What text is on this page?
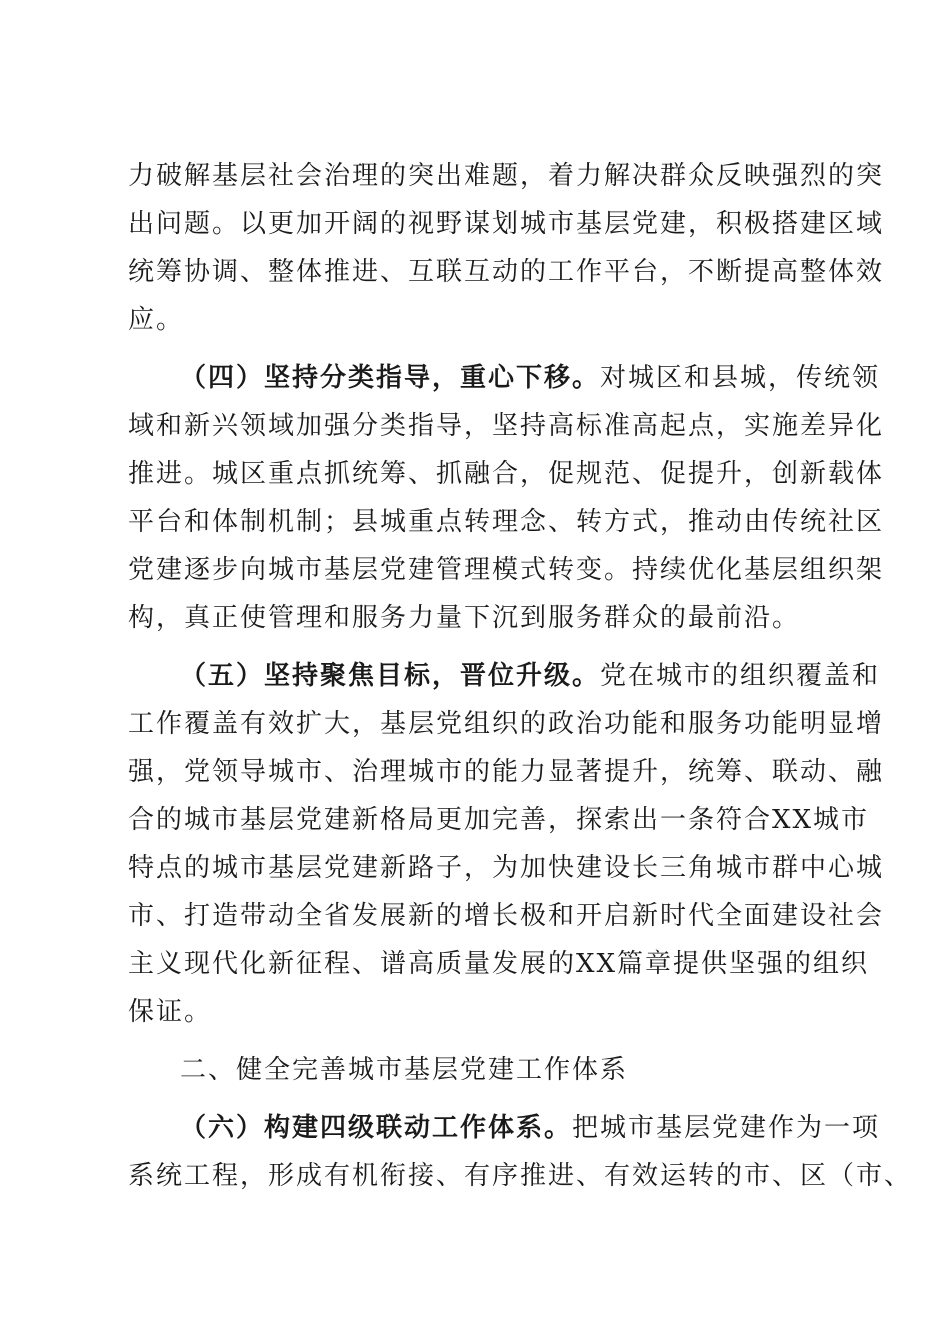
力破解基层社会治理的突出难题，着力解决群众反映强烈的突
出问题。以更加开阔的视野谋划城市基层党建，积极搭建区域
统筹协调、整体推进、互联互动的工作平台，不断提高整体效
应。
（四）坚持分类指导，重心下移。对城区和县城，传统领
域和新兴领域加强分类指导，坚持高标准高起点，实施差异化
推进。城区重点抓统筹、抓融合，促规范、促提升，创新载体
平台和体制机制；县城重点转理念、转方式，推动由传统社区
党建逐步向城市基层党建管理模式转变。持续优化基层组织架
构，真正使管理和服务力量下沉到服务群众的最前沿。
（五）坚持聚焦目标，晋位升级。党在城市的组织覆盖和
工作覆盖有效扩大，基层党组织的政治功能和服务功能明显增
强，党领导城市、治理城市的能力显著提升，统筹、联动、融
合的城市基层党建新格局更加完善，探索出一条符合XX城市
特点的城市基层党建新路子，为加快建设长三角城市群中心城
市、打造带动全省发展新的增长极和开启新时代全面建设社会
主义现代化新征程、谱高质量发展的XX篇章提供坚强的组织
保证。
二、健全完善城市基层党建工作体系
（六）构建四级联动工作体系。把城市基层党建作为一项
系统工程，形成有机衔接、有序推进、有效运转的市、区（市、
